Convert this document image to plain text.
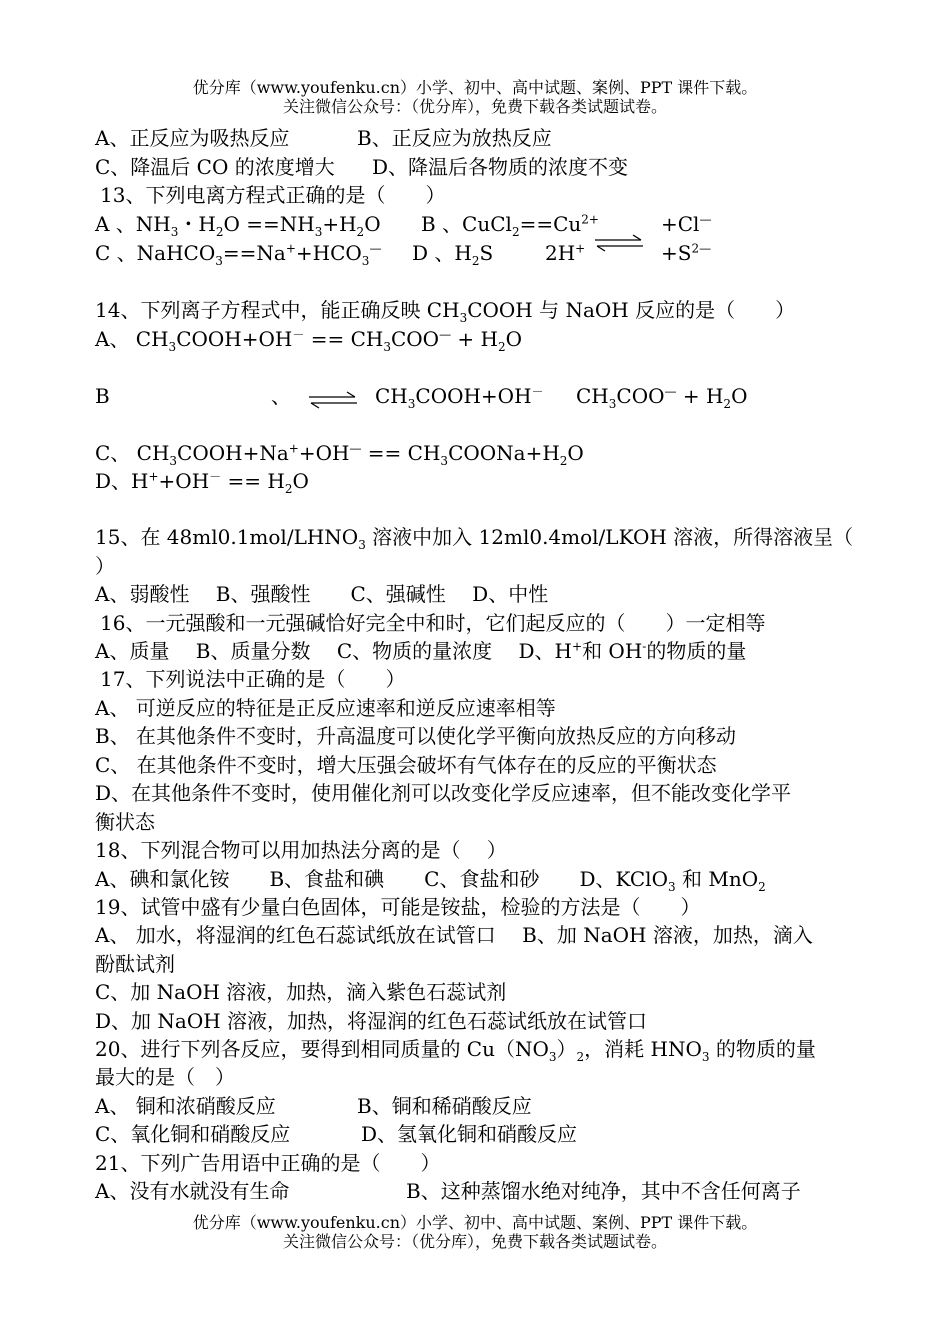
优分库（www.youfenku.cn）小学、初中、高中试题、案例、PPT 课件下载。
关注微信公众号：（优分库），免费下载各类试题试卷。
A、正反应为吸热反应	B、正反应为放热反应
C、降温后 CO 的浓度增大 D、降温后各物质的浓度不变
13、下列电离方程式正确的是（　　）
A 、$NH_3$・$H_2O ==NH_3+H_2O$ B 、$CuCl_2==Cu^{2+}$	+Cl—
C 、$NaHCO_3==Na^++HCO_3^—$ D 、$H_2S$	2H+	$+S^{2—}$
14、下列离子方程式中，能正确反映 $CH_3COOH$ 与 NaOH 反应的是（　　）
A、 $CH_3COOH+OH^- == CH_3COO^— + H_2O$
B	、	$CH_3COOH+OH^-$ $CH_3COO^— + H_2O$
C、 $CH_3COOH+Na^++OH^—$ == $CH_3COONa+H_2O$
D、$H^++OH^- == H_2O$
15、在 $48ml0.1mol/LHNO_3$ 溶液中加入 12ml0.4mol/LKOH 溶液，所得溶液呈（
）
A、弱酸性　 B、强酸性　　C、强碱性　 D、中性
16、一元强酸和一元强碱恰好完全中和时，它们起反应的（　　）一定相等
A、质量　 B、质量分数　 C、物质的量浓度　 D、H+和 OH-的物质的量
17、下列说法中正确的是（　　）
A、 可逆反应的特征是正反应速率和逆反应速率相等
B、 在其他条件不变时，升高温度可以使化学平衡向放热反应的方向移动
C、 在其他条件不变时，增大压强会破坏有气体存在的反应的平衡状态
D、在其他条件不变时，使用催化剂可以改变化学反应速率，但不能改变化学平
衡状态
18、下列混合物可以用加热法分离的是（　 ）
A、碘和氯化铵　　B、食盐和碘　　C、食盐和砂　　D、KClO$_3$ 和 MnO$_2$
19、试管中盛有少量白色固体，可能是铵盐，检验的方法是（　　）
A、 加水，将湿润的红色石蕊试纸放在试管口　 B、加 NaOH 溶液，加热，滴入
酚酞试剂
C、加 NaOH 溶液，加热，滴入紫色石蕊试剂
D、加 NaOH 溶液，加热，将湿润的红色石蕊试纸放在试管口
20、进行下列各反应，要得到相同质量的 $Cu(NO_3)_2$，消耗 $HNO_3$ 的物质的量
最大的是（　）
A、 铜和浓硝酸反应	B、铜和稀硝酸反应
C、氧化铜和硝酸反应	D、氢氧化铜和硝酸反应
21、下列广告用语中正确的是（　　）
A、没有水就没有生命	B、这种蒸馏水绝对纯净，其中不含任何离子
优分库（www.youfenku.cn）小学、初中、高中试题、案例、PPT 课件下载。
关注微信公众号：（优分库），免费下载各类试题试卷。
